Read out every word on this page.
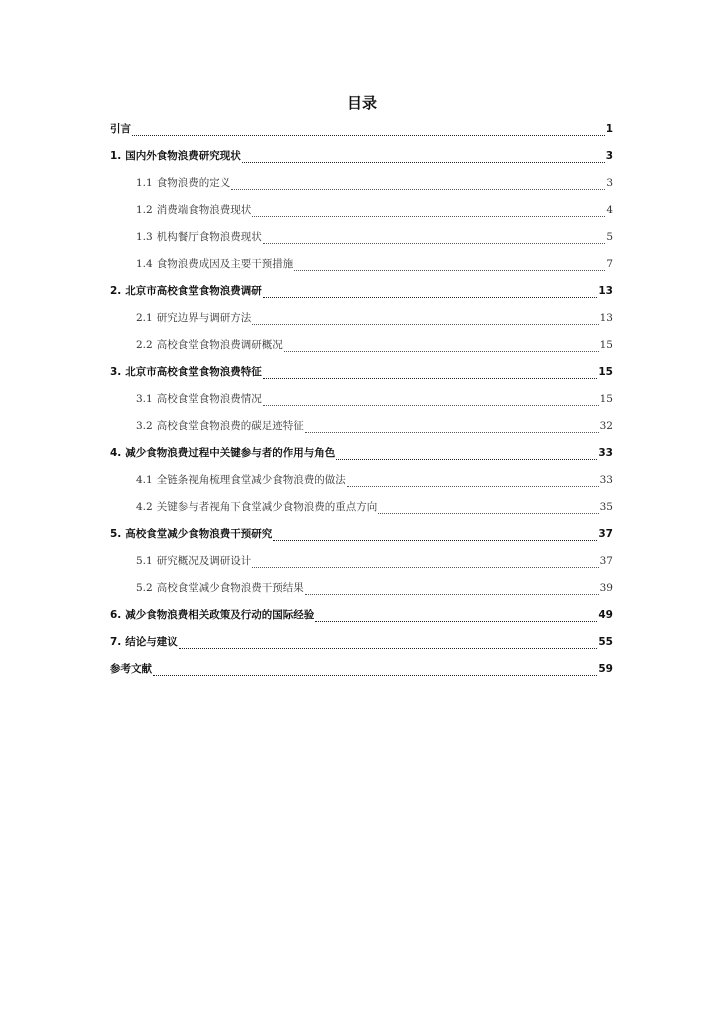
目录
引言	1
1. 国内外食物浪费研究现状	3
1.1 食物浪费的定义	3
1.2 消费端食物浪费现状	4
1.3 机构餐厅食物浪费现状	5
1.4 食物浪费成因及主要干预措施	7
2. 北京市高校食堂食物浪费调研	13
2.1 研究边界与调研方法	13
2.2 高校食堂食物浪费调研概况	15
3. 北京市高校食堂食物浪费特征	15
3.1 高校食堂食物浪费情况	15
3.2 高校食堂食物浪费的碳足迹特征	32
4. 减少食物浪费过程中关键参与者的作用与角色	33
4.1 全链条视角梳理食堂减少食物浪费的做法	33
4.2 关键参与者视角下食堂减少食物浪费的重点方向	35
5. 高校食堂减少食物浪费干预研究	37
5.1 研究概况及调研设计	37
5.2 高校食堂减少食物浪费干预结果	39
6. 减少食物浪费相关政策及行动的国际经验	49
7. 结论与建议	55
参考文献	59
